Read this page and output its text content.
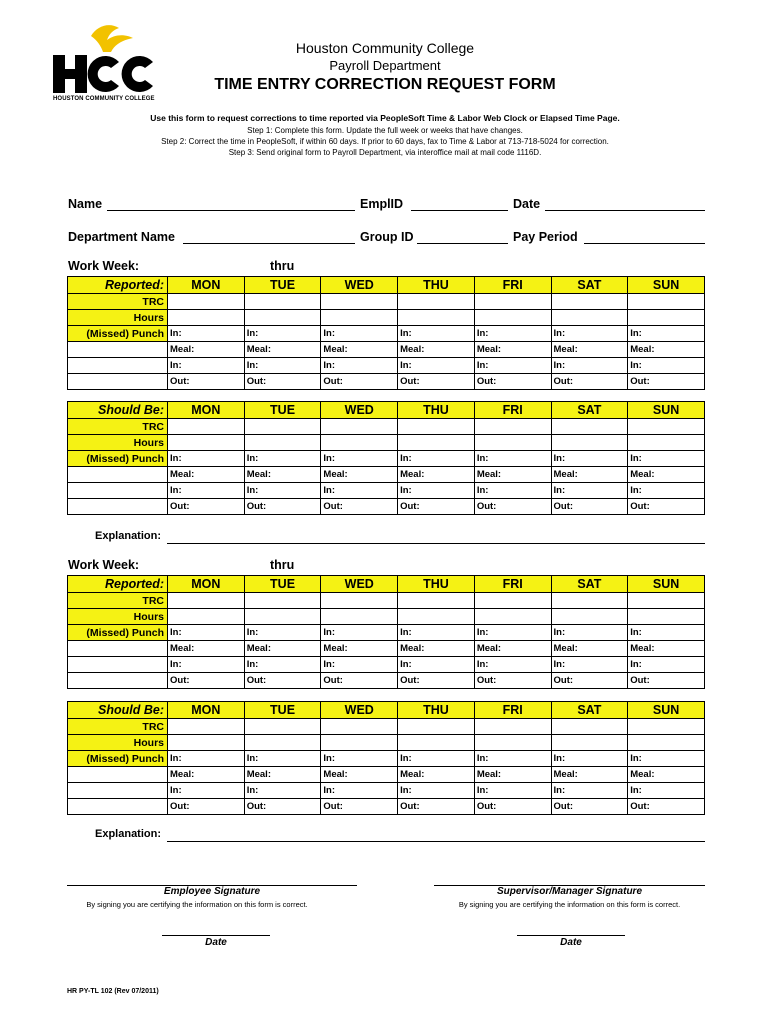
HOUSTON COMMUNITY COLLEGE
Houston Community College
Payroll Department
TIME ENTRY CORRECTION REQUEST FORM
Use this form to request corrections to time reported via PeopleSoft Time & Labor Web Clock or Elapsed Time Page.
Step 1: Complete this form. Update the full week or weeks that have changes.
Step 2: Correct the time in PeopleSoft, if within 60 days. If prior to 60 days, fax to Time & Labor at 713-718-5024 for correction.
Step 3: Send original form to Payroll Department, via interoffice mail at mail code 1116D.
Name	EmplID	Date
Department Name	Group ID	Pay Period
Work Week:	thru
Reported:	MON	TUE	WED	THU	FRI	SAT	SUN
TRC							
Hours							
(Missed) Punch	In:	In:	In:	In:	In:	In:	In:
	Meal:	Meal:	Meal:	Meal:	Meal:	Meal:	Meal:
	In:	In:	In:	In:	In:	In:	In:
	Out:	Out:	Out:	Out:	Out:	Out:	Out:
Should Be:	MON	TUE	WED	THU	FRI	SAT	SUN
TRC							
Hours							
(Missed) Punch	In:	In:	In:	In:	In:	In:	In:
	Meal:	Meal:	Meal:	Meal:	Meal:	Meal:	Meal:
	In:	In:	In:	In:	In:	In:	In:
	Out:	Out:	Out:	Out:	Out:	Out:	Out:
Explanation:
Work Week:	thru
Reported:	MON	TUE	WED	THU	FRI	SAT	SUN
TRC							
Hours							
(Missed) Punch	In:	In:	In:	In:	In:	In:	In:
	Meal:	Meal:	Meal:	Meal:	Meal:	Meal:	Meal:
	In:	In:	In:	In:	In:	In:	In:
	Out:	Out:	Out:	Out:	Out:	Out:	Out:
Should Be:	MON	TUE	WED	THU	FRI	SAT	SUN
TRC							
Hours							
(Missed) Punch	In:	In:	In:	In:	In:	In:	In:
	Meal:	Meal:	Meal:	Meal:	Meal:	Meal:	Meal:
	In:	In:	In:	In:	In:	In:	In:
	Out:	Out:	Out:	Out:	Out:	Out:	Out:
Explanation:
Employee Signature
By signing you are certifying the information on this form is correct.
Supervisor/Manager Signature
By signing you are certifying the information on this form is correct.
Date	Date
HR PY-TL 102 (Rev 07/2011)
